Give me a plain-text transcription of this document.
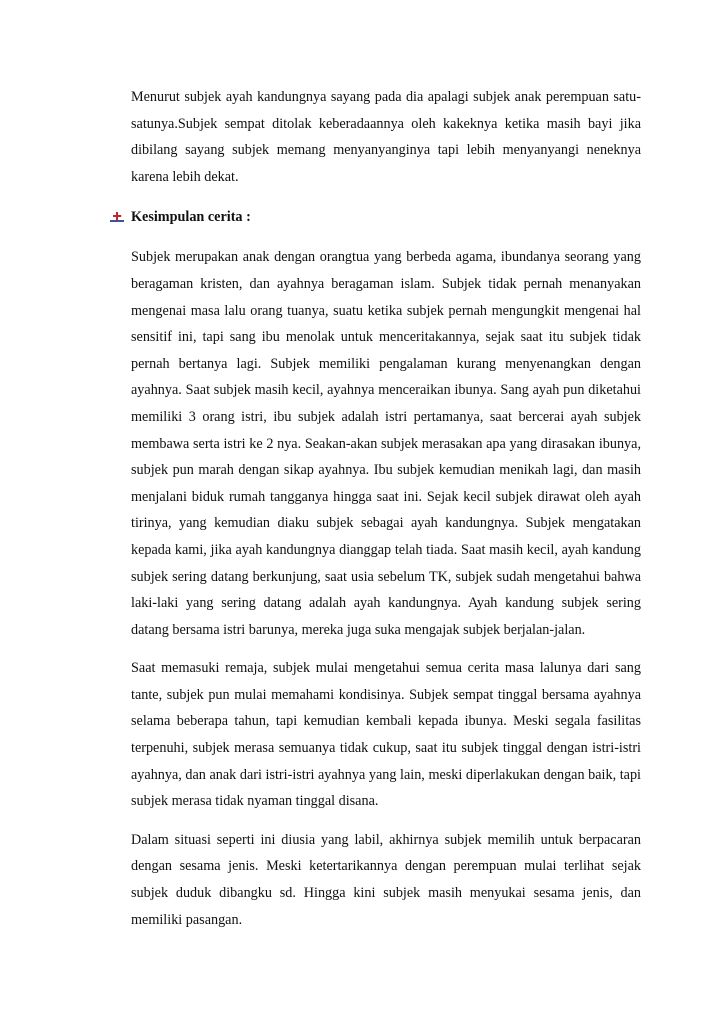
Menurut subjek ayah kandungnya sayang pada dia apalagi subjek anak perempuan satu-satunya.Subjek sempat ditolak keberadaannya oleh kakeknya ketika masih bayi jika dibilang sayang subjek memang menyanyanginya tapi lebih menyanyangi neneknya karena lebih dekat.

Kesimpulan cerita :

Subjek merupakan anak dengan orangtua yang berbeda agama, ibundanya seorang yang beragaman kristen, dan ayahnya beragaman islam. Subjek tidak pernah menanyakan mengenai masa lalu orang tuanya, suatu ketika subjek pernah mengungkit mengenai hal sensitif ini, tapi sang ibu menolak untuk menceritakannya, sejak saat itu subjek tidak pernah bertanya lagi. Subjek memiliki pengalaman kurang menyenangkan dengan ayahnya. Saat subjek masih kecil, ayahnya menceraikan ibunya. Sang ayah pun diketahui memiliki 3 orang istri, ibu subjek adalah istri pertamanya, saat bercerai ayah subjek membawa serta istri ke 2 nya. Seakan-akan subjek merasakan apa yang dirasakan ibunya, subjek pun marah dengan sikap ayahnya. Ibu subjek kemudian menikah lagi, dan masih menjalani biduk rumah tangganya hingga saat ini. Sejak kecil subjek dirawat oleh ayah tirinya, yang kemudian diaku subjek sebagai ayah kandungnya. Subjek mengatakan kepada kami, jika ayah kandungnya dianggap telah tiada. Saat masih kecil, ayah kandung subjek sering datang berkunjung, saat usia sebelum TK, subjek sudah mengetahui bahwa laki-laki yang sering datang adalah ayah kandungnya. Ayah kandung subjek sering datang bersama istri barunya, mereka juga suka mengajak subjek berjalan-jalan.

Saat memasuki remaja, subjek mulai mengetahui semua cerita masa lalunya dari sang tante, subjek pun mulai memahami kondisinya. Subjek sempat tinggal bersama ayahnya selama beberapa tahun, tapi kemudian kembali kepada ibunya. Meski segala fasilitas terpenuhi, subjek merasa semuanya tidak cukup, saat itu subjek tinggal dengan istri-istri ayahnya, dan anak dari istri-istri ayahnya yang lain, meski diperlakukan dengan baik, tapi subjek merasa tidak nyaman tinggal disana.

Dalam situasi seperti ini diusia yang labil, akhirnya subjek memilih untuk berpacaran dengan sesama jenis. Meski ketertarikannya dengan perempuan mulai terlihat sejak subjek duduk dibangku sd. Hingga kini subjek masih menyukai sesama jenis, dan memiliki pasangan.
